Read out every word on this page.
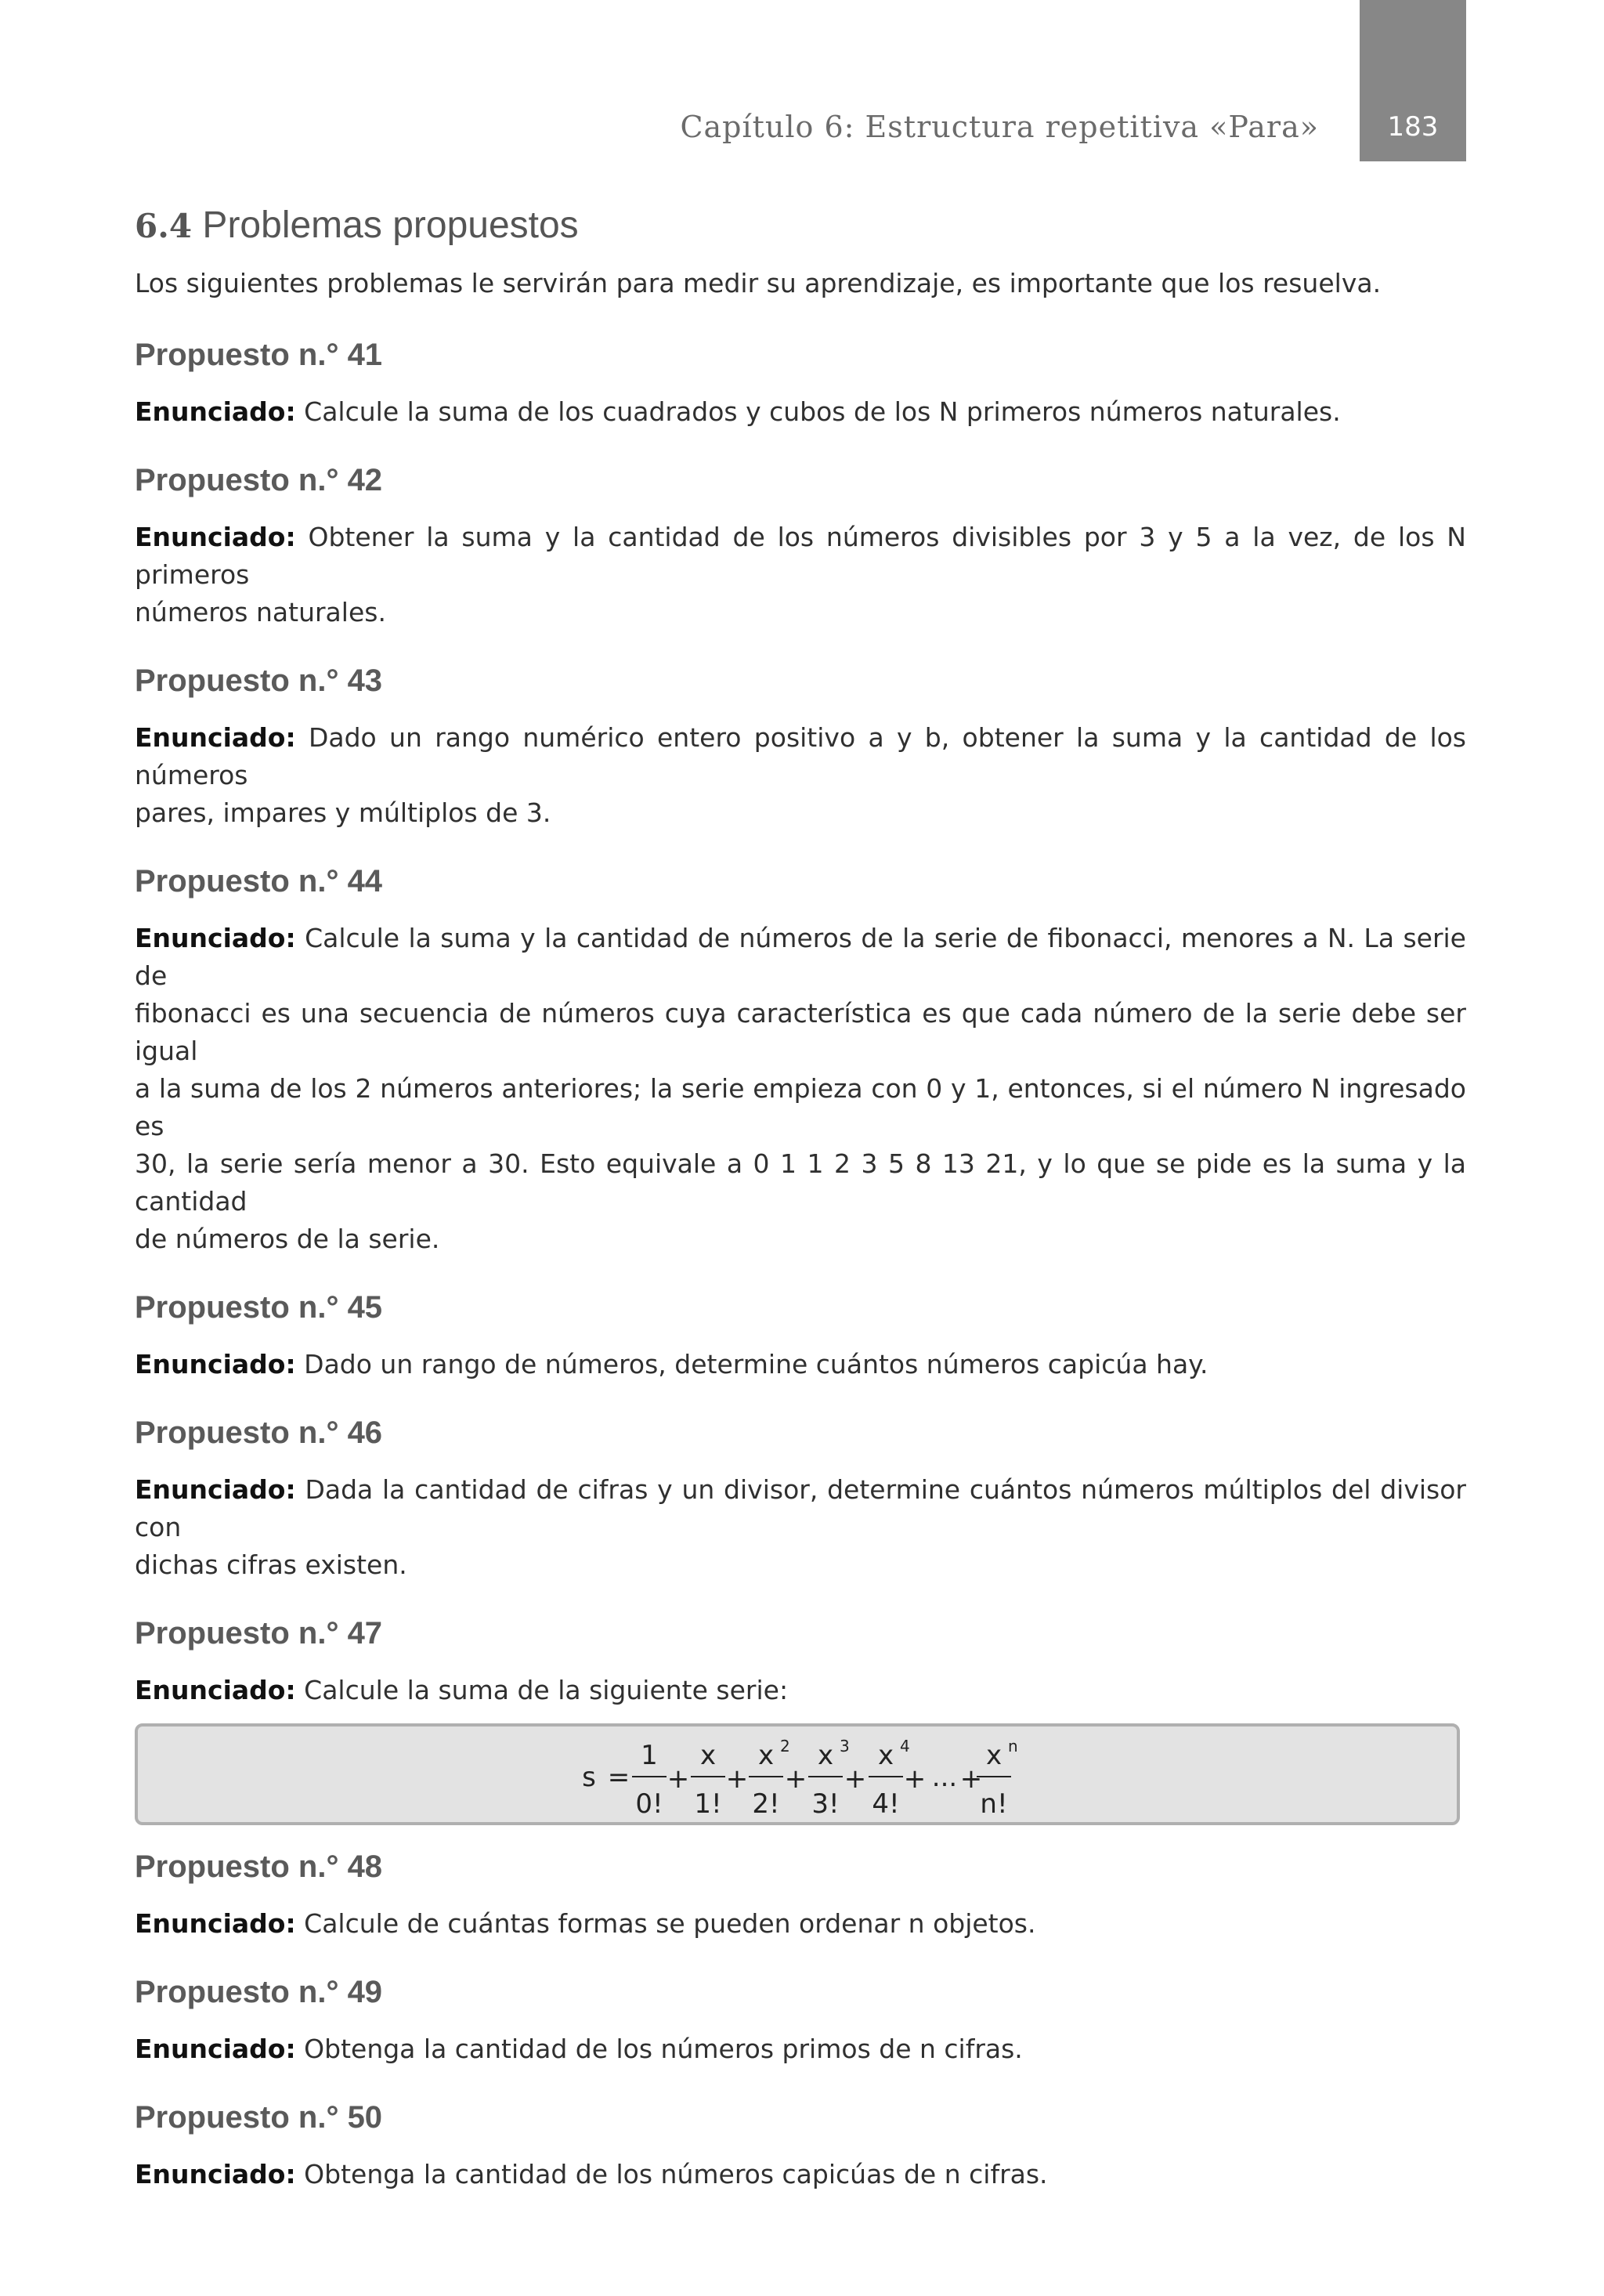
Capítulo 6: Estructura repetitiva «Para»	183
6.4 Problemas propuestos

Los siguientes problemas le servirán para medir su aprendizaje, es importante que los resuelva.

Propuesto n.° 41
Enunciado: Calcule la suma de los cuadrados y cubos de los N primeros números naturales.
Propuesto n.° 42
Enunciado: Obtener la suma y la cantidad de los números divisibles por 3 y 5 a la vez, de los N primeros
números naturales.
Propuesto n.° 43
Enunciado: Dado un rango numérico entero positivo a y b, obtener la suma y la cantidad de los números
pares, impares y múltiplos de 3.
Propuesto n.° 44
Enunciado: Calcule la suma y la cantidad de números de la serie de fibonacci, menores a N. La serie de
fibonacci es una secuencia de números cuya característica es que cada número de la serie debe ser igual
a la suma de los 2 números anteriores; la serie empieza con 0 y 1, entonces, si el número N ingresado es
30, la serie sería menor a 30. Esto equivale a 0 1 1 2 3 5 8 13 21, y lo que se pide es la suma y la cantidad
de números de la serie.
Propuesto n.° 45
Enunciado: Dado un rango de números, determine cuántos números capicúa hay.
Propuesto n.° 46
Enunciado: Dada la cantidad de cifras y un divisor, determine cuántos números múltiplos del divisor con
dichas cifras existen.
Propuesto n.° 47
Enunciado: Calcule la suma de la siguiente serie:
s =
1
0!
x
1!
x 2
2!
x 3
3!
x 4
4!
x n
n!
+ + + + + ... +
Propuesto n.° 48
Enunciado: Calcule de cuántas formas se pueden ordenar n objetos.
Propuesto n.° 49
Enunciado: Obtenga la cantidad de los números primos de n cifras.
Propuesto n.° 50
Enunciado: Obtenga la cantidad de los números capicúas de n cifras.
